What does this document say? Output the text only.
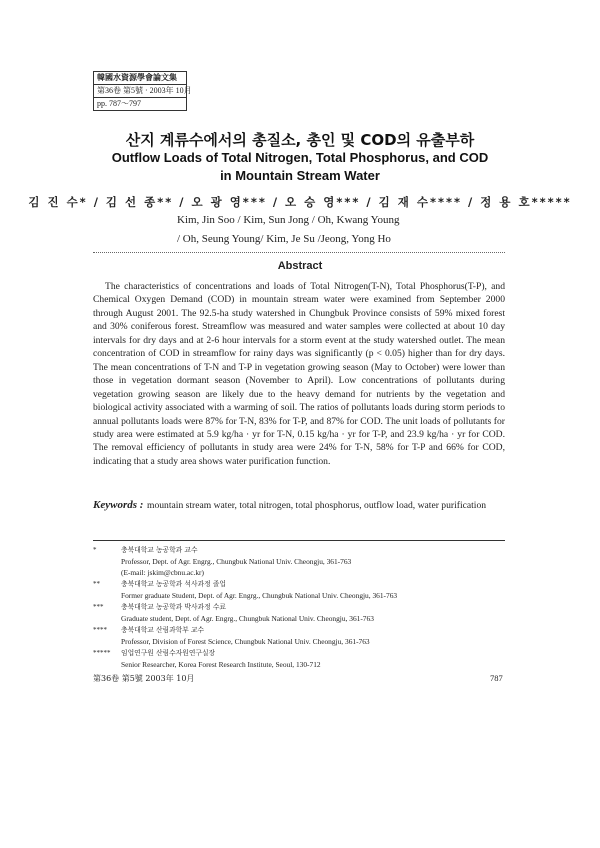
韓國水資源學會論文集
第36卷 第5號 · 2003年 10月
pp. 787～797
산지 계류수에서의 총질소, 총인 및 COD의 유출부하
Outflow Loads of Total Nitrogen, Total Phosphorus, and COD
in Mountain Stream Water
김 진 수* / 김 선 종** / 오 광 영*** / 오 승 영*** / 김 재 수**** / 정 용 호*****
Kim, Jin Soo / Kim, Sun Jong / Oh, Kwang Young
/ Oh, Seung Young/ Kim, Je Su /Jeong, Yong Ho
Abstract
The characteristics of concentrations and loads of Total Nitrogen(T-N), Total Phosphorus(T-P), and Chemical Oxygen Demand (COD) in mountain stream water were examined from September 2000 through August 2001. The 92.5-ha study watershed in Chungbuk Province consists of 59% mixed forest and 30% coniferous forest. Streamflow was measured and water samples were collected at about 10 day intervals for dry days and at 2-6 hour intervals for a storm event at the study watershed outlet. The mean concentration of COD in streamflow for rainy days was significantly (p < 0.05) higher than for dry days. The mean concentrations of T-N and T-P in vegetation growing season (May to October) were lower than those in vegetation dormant season (November to April). Low concentrations of pollutants during vegetation growing season are likely due to the heavy demand for nutrients by the vegetation and biological activity associated with a warming of soil. The ratios of pollutants loads during storm periods to annual pollutants loads were 87% for T-N, 83% for T-P, and 87% for COD. The unit loads of pollutants for study area were estimated at 5.9 kg/ha · yr for T-N, 0.15 kg/ha · yr for T-P, and 23.9 kg/ha · yr for COD. The removal efficiency of pollutants in study area were 24% for T-N, 58% for T-P and 66% for COD, indicating that a study area shows water purification function.
Keywords : mountain stream water, total nitrogen, total phosphorus, outflow load, water purification
*	충북대학교 농공학과 교수
Professor, Dept. of Agr. Engrg., Chungbuk National Univ. Cheongju, 361-763
(E-mail: jskim@cbnu.ac.kr)
**	충북대학교 농공학과 석사과정 졸업
Former graduate Student, Dept. of Agr. Engrg., Chungbuk National Univ. Cheongju, 361-763
***	충북대학교 농공학과 박사과정 수료
Graduate student, Dept. of Agr. Engrg., Chungbuk National Univ. Cheongju, 361-763
**** 충북대학교 산림과학부 교수
Professor, Division of Forest Science, Chungbuk National Univ. Cheongju, 361-763
***** 임업연구원 산림수자원연구실장
Senior Researcher, Korea Forest Research Institute, Seoul, 130-712
第36卷 第5號 2003年 10月	787
